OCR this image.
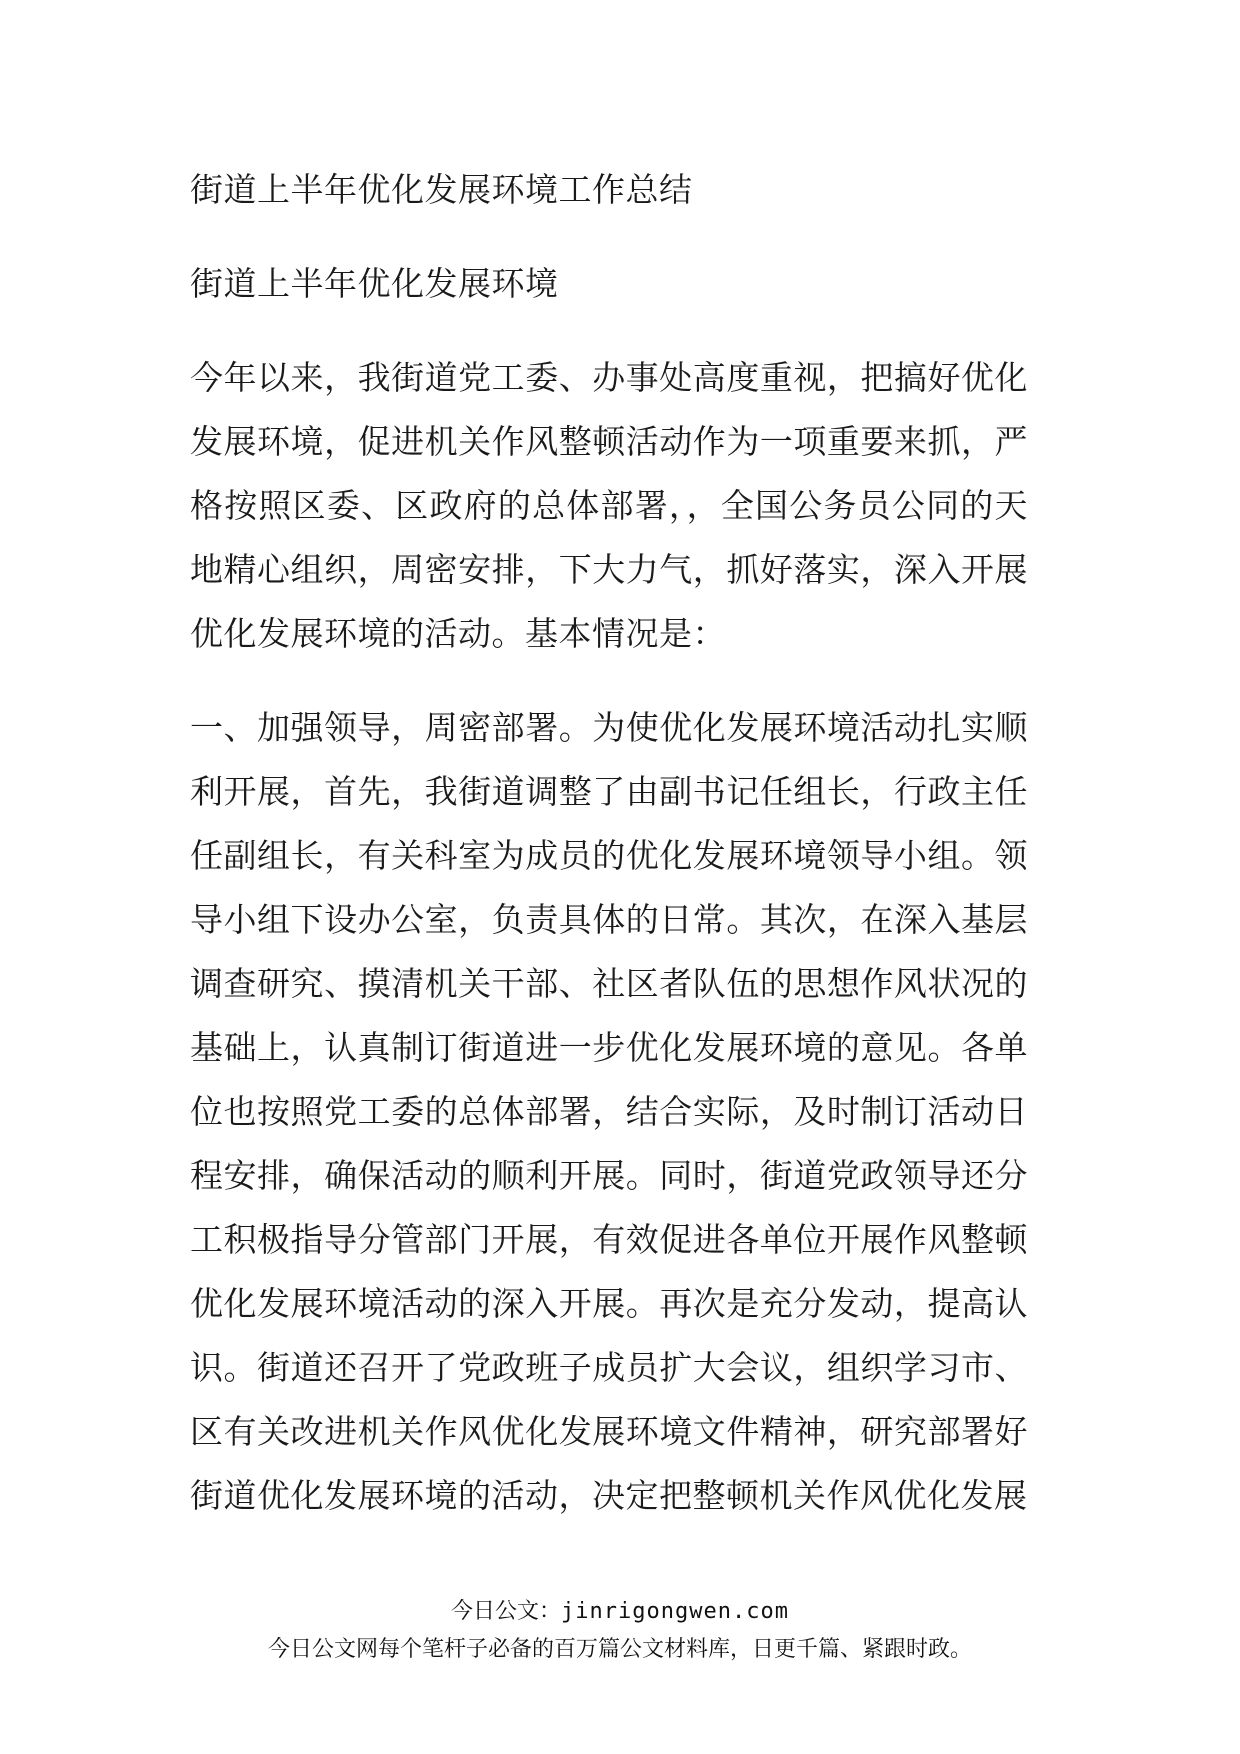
街道上半年优化发展环境工作总结

街道上半年优化发展环境

今年以来，我街道党工委、办事处高度重视，把搞好优化发展环境，促进机关作风整顿活动作为一项重要来抓，严格按照区委、区政府的总体部署，，全国公务员公同的天地精心组织，周密安排，下大力气，抓好落实，深入开展优化发展环境的活动。基本情况是：

一、加强领导，周密部署。为使优化发展环境活动扎实顺利开展，首先，我街道调整了由副书记任组长，行政主任任副组长，有关科室为成员的优化发展环境领导小组。领导小组下设办公室，负责具体的日常。其次，在深入基层调查研究、摸清机关干部、社区者队伍的思想作风状况的基础上，认真制订街道进一步优化发展环境的意见。各单位也按照党工委的总体部署，结合实际，及时制订活动日程安排，确保活动的顺利开展。同时，街道党政领导还分工积极指导分管部门开展，有效促进各单位开展作风整顿优化发展环境活动的深入开展。再次是充分发动，提高认识。街道还召开了党政班子成员扩大会议，组织学习市、区有关改进机关作风优化发展环境文件精神，研究部署好街道优化发展环境的活动，决定把整顿机关作风优化发展

今日公文：jinrigongwen.com
今日公文网每个笔杆子必备的百万篇公文材料库，日更千篇、紧跟时政。
